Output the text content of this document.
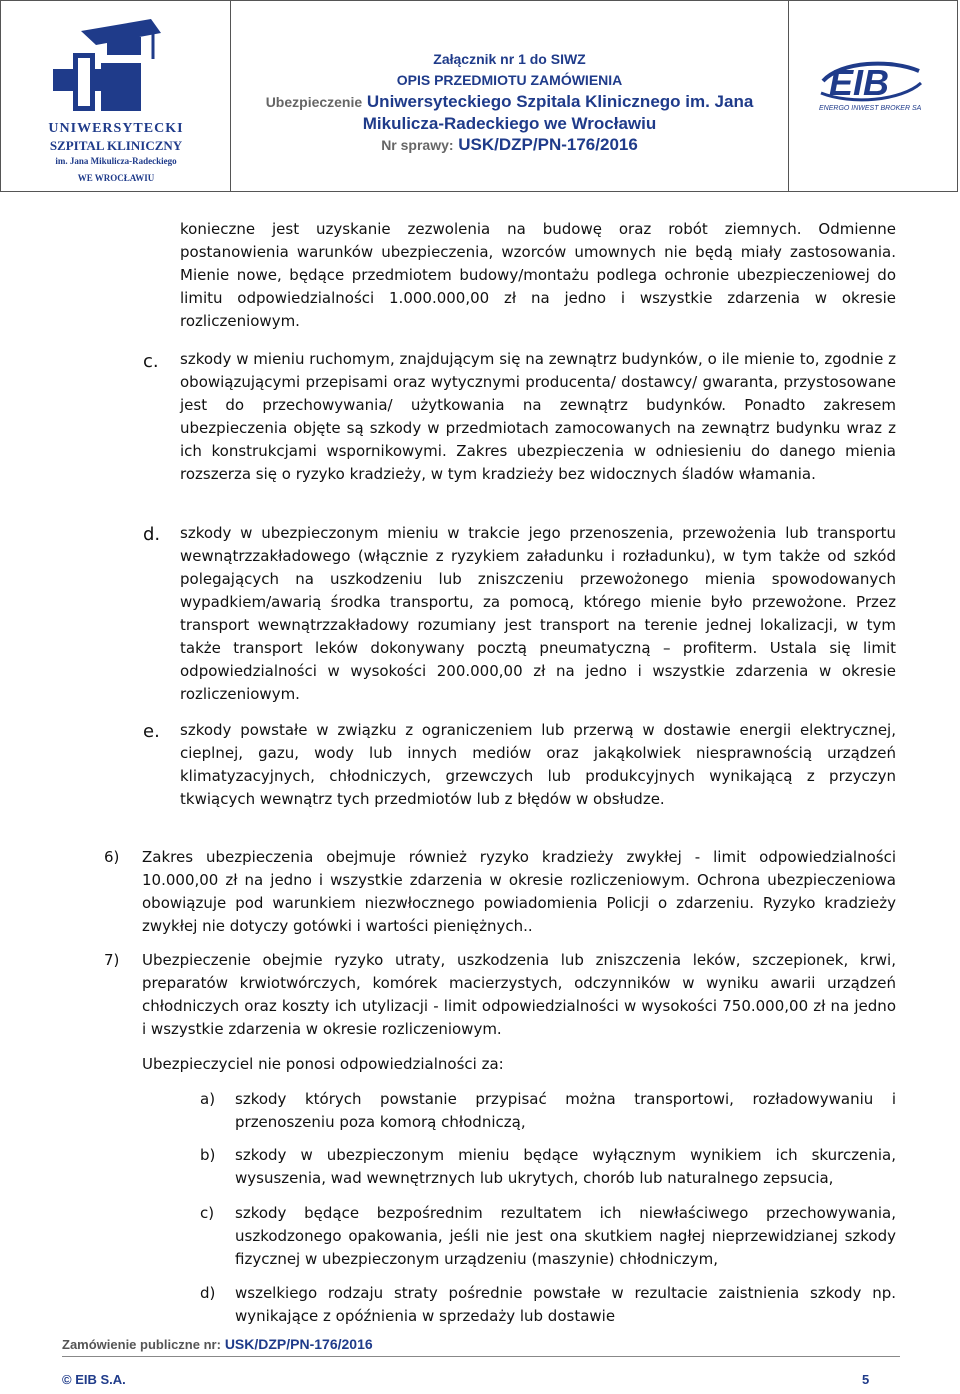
UNIWERSYTECKI
SZPITAL KLINICZNY
im. Jana Mikulicza-Radeckiego
WE WROCŁAWIU
Załącznik nr 1 do SIWZ
OPIS PRZEDMIOTU ZAMÓWIENIA
Ubezpieczenie Uniwersyteckiego Szpitala Klinicznego im. Jana
Mikulicza-Radeckiego we Wrocławiu
Nr sprawy: USK/DZP/PN-176/2016
EIB
ENERGO INWEST BROKER SA
konieczne jest uzyskanie zezwolenia na budowę oraz robót ziemnych. Odmienne postanowienia warunków ubezpieczenia, wzorców umownych nie będą miały zastosowania. Mienie nowe, będące przedmiotem budowy/montażu podlega ochronie ubezpieczeniowej do limitu odpowiedzialności 1.000.000,00 zł na jedno i wszystkie zdarzenia w okresie rozliczeniowym.
c. szkody w mieniu ruchomym, znajdującym się na zewnątrz budynków, o ile mienie to, zgodnie z obowiązującymi przepisami oraz wytycznymi producenta/ dostawcy/ gwaranta, przystosowane jest do przechowywania/ użytkowania na zewnątrz budynków. Ponadto zakresem ubezpieczenia objęte są szkody w przedmiotach zamocowanych na zewnątrz budynku wraz z ich konstrukcjami wspornikowymi. Zakres ubezpieczenia w odniesieniu do danego mienia rozszerza się o ryzyko kradzieży, w tym kradzieży bez widocznych śladów włamania.
d. szkody w ubezpieczonym mieniu w trakcie jego przenoszenia, przewożenia lub transportu wewnątrzzakładowego (włącznie z ryzykiem załadunku i rozładunku), w tym także od szkód polegających na uszkodzeniu lub zniszczeniu przewożonego mienia spowodowanych wypadkiem/awarią środka transportu, za pomocą, którego mienie było przewożone. Przez transport wewnątrzzakładowy rozumiany jest transport na terenie jednej lokalizacji, w tym także transport leków dokonywany pocztą pneumatyczną – profiterm. Ustala się limit odpowiedzialności w wysokości 200.000,00 zł na jedno i wszystkie zdarzenia w okresie rozliczeniowym.
e. szkody powstałe w związku z ograniczeniem lub przerwą w dostawie energii elektrycznej, cieplnej, gazu, wody lub innych mediów oraz jakąkolwiek niesprawnością urządzeń klimatyzacyjnych, chłodniczych, grzewczych lub produkcyjnych wynikającą z przyczyn tkwiących wewnątrz tych przedmiotów lub z błędów w obsłudze.
6) Zakres ubezpieczenia obejmuje również ryzyko kradzieży zwykłej - limit odpowiedzialności 10.000,00 zł na jedno i wszystkie zdarzenia w okresie rozliczeniowym. Ochrona ubezpieczeniowa obowiązuje pod warunkiem niezwłocznego powiadomienia Policji o zdarzeniu. Ryzyko kradzieży zwykłej nie dotyczy gotówki i wartości pieniężnych..
7) Ubezpieczenie obejmie ryzyko utraty, uszkodzenia lub zniszczenia leków, szczepionek, krwi, preparatów krwiotwórczych, komórek macierzystych, odczynników w wyniku awarii urządzeń chłodniczych oraz koszty ich utylizacji - limit odpowiedzialności w wysokości 750.000,00 zł na jedno i wszystkie zdarzenia w okresie rozliczeniowym.
Ubezpieczyciel nie ponosi odpowiedzialności za:
a) szkody których powstanie przypisać można transportowi, rozładowywaniu i przenoszeniu poza komorą chłodniczą,
b) szkody w ubezpieczonym mieniu będące wyłącznym wynikiem ich skurczenia, wysuszenia, wad wewnętrznych lub ukrytych, chorób lub naturalnego zepsucia,
c) szkody będące bezpośrednim rezultatem ich niewłaściwego przechowywania, uszkodzonego opakowania, jeśli nie jest ona skutkiem nagłej nieprzewidzianej szkody fizycznej w ubezpieczonym urządzeniu (maszynie) chłodniczym,
d) wszelkiego rodzaju straty pośrednie powstałe w rezultacie zaistnienia szkody np. wynikające z opóźnienia w sprzedaży lub dostawie
Zamówienie publiczne nr: USK/DZP/PN-176/2016
© EIB S.A.	5
